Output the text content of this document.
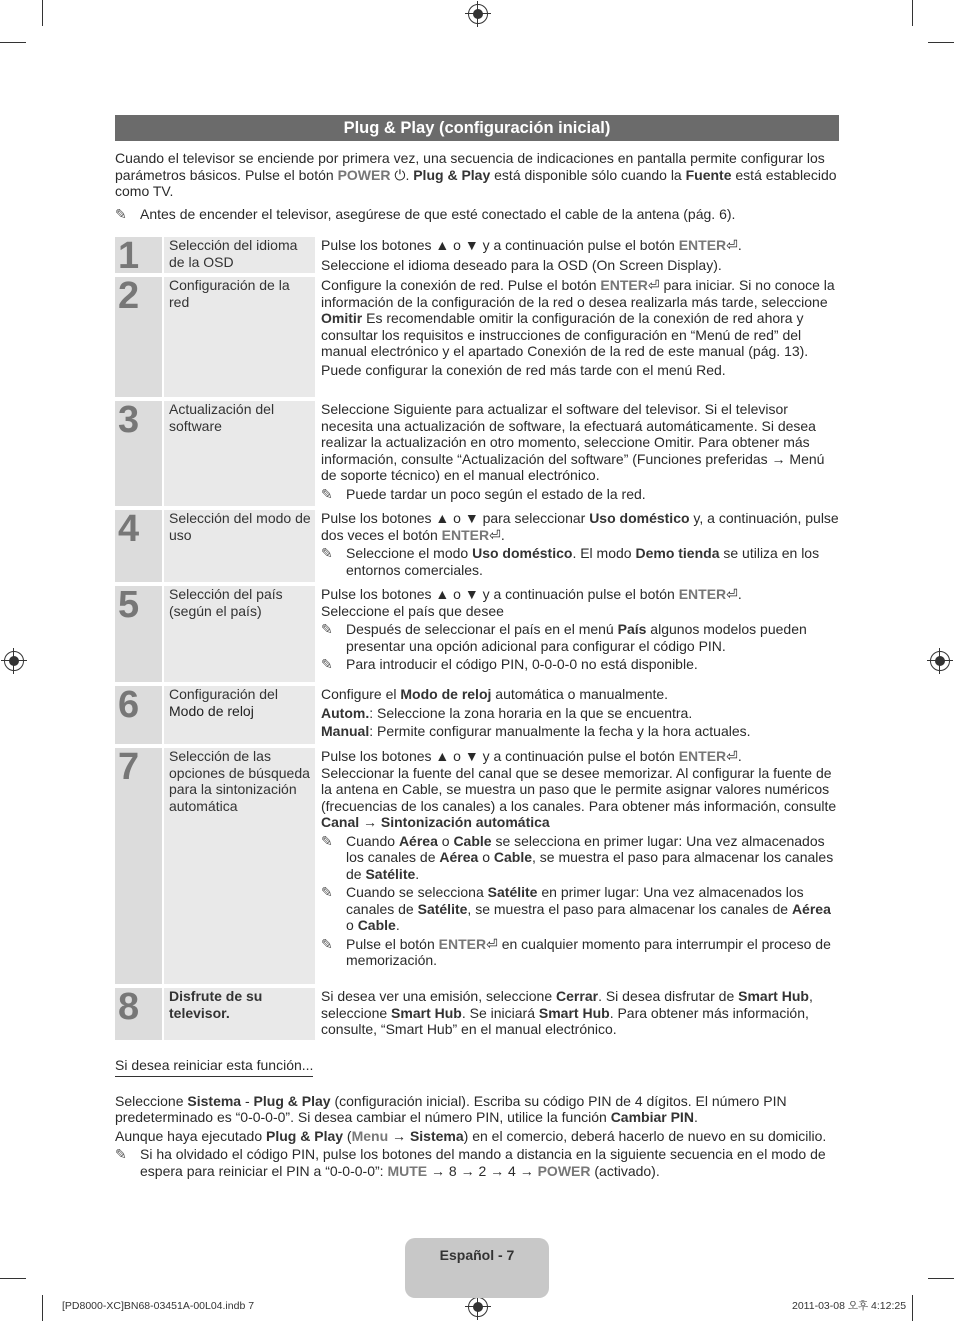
Plug & Play (configuración inicial)
Cuando el televisor se enciende por primera vez, una secuencia de indicaciones en pantalla permite configurar los parámetros básicos. Pulse el botón POWER ⏻. Plug & Play está disponible sólo cuando la Fuente está establecido como TV.
✎ Antes de encender el televisor, asegúrese de que esté conectado el cable de la antena (pág. 6).
1	Selección del idioma de la OSD

Pulse los botones ▲ o ▼ y a continuación pulse el botón ENTER⏎.

Seleccione el idioma deseado para la OSD (On Screen Display).

2	Configuración de la red

Configure la conexión de red. Pulse el botón ENTER⏎ para iniciar. Si no conoce la información de la configuración de la red o desea realizarla más tarde, seleccione Omitir Es recomendable omitir la configuración de la conexión de red ahora y consultar los requisitos e instrucciones de configuración en “Menú de red” del manual electrónico y el apartado Conexión de la red de este manual (pág. 13).

Puede configurar la conexión de red más tarde con el menú Red.

3	Actualización del software

Seleccione Siguiente para actualizar el software del televisor. Si el televisor necesita una actualización de software, la efectuará automáticamente. Si desea realizar la actualización en otro momento, seleccione Omitir. Para obtener más información, consulte “Actualización del software” (Funciones preferidas → Menú de soporte técnico) en el manual electrónico.

✎ Puede tardar un poco según el estado de la red.

4	Selección del modo de uso

Pulse los botones ▲ o ▼ para seleccionar Uso doméstico y, a continuación, pulse dos veces el botón ENTER⏎.

✎ Seleccione el modo Uso doméstico. El modo Demo tienda se utiliza en los entornos comerciales.

5	Selección del país (según el país)

Pulse los botones ▲ o ▼ y a continuación pulse el botón ENTER⏎.

Seleccione el país que desee

✎ Después de seleccionar el país en el menú País algunos modelos pueden presentar una opción adicional para configurar el código PIN.

✎ Para introducir el código PIN, 0-0-0-0 no está disponible.

6	Configuración del
Modo de reloj

Configure el Modo de reloj automática o manualmente.

Autom.: Seleccione la zona horaria en la que se encuentra.

Manual: Permite configurar manualmente la fecha y la hora actuales.

7	Selección de las opciones de búsqueda para la sintonización automática

Pulse los botones ▲ o ▼ y a continuación pulse el botón ENTER⏎.

Seleccionar la fuente del canal que se desee memorizar. Al configurar la fuente de la antena en Cable, se muestra un paso que le permite asignar valores numéricos (frecuencias de los canales) a los canales. Para obtener más información, consulte Canal → Sintonización automática

✎ Cuando Aérea o Cable se selecciona en primer lugar: Una vez almacenados los canales de Aérea o Cable, se muestra el paso para almacenar los canales de Satélite.

✎ Cuando se selecciona Satélite en primer lugar: Una vez almacenados los canales de Satélite, se muestra el paso para almacenar los canales de Aérea o Cable.

✎ Pulse el botón ENTER⏎ en cualquier momento para interrumpir el proceso de memorización.

8	Disfrute de su televisor.

Si desea ver una emisión, seleccione Cerrar. Si desea disfrutar de Smart Hub, seleccione Smart Hub. Se iniciará Smart Hub. Para obtener más información, consulte, “Smart Hub” en el manual electrónico.

Si desea reiniciar esta función...

Seleccione Sistema - Plug & Play (configuración inicial). Escriba su código PIN de 4 dígitos. El número PIN predeterminado es “0-0-0-0”. Si desea cambiar el número PIN, utilice la función Cambiar PIN.

Aunque haya ejecutado Plug & Play (Menu → Sistema) en el comercio, deberá hacerlo de nuevo en su domicilio.

✎ Si ha olvidado el código PIN, pulse los botones del mando a distancia en la siguiente secuencia en el modo de espera para reiniciar el PIN a “0-0-0-0”: MUTE → 8 → 2 → 4 → POWER (activado).

Español - 7
[PD8000-XC]BN68-03451A-00L04.indb 7	2011-03-08 오후 4:12:25
